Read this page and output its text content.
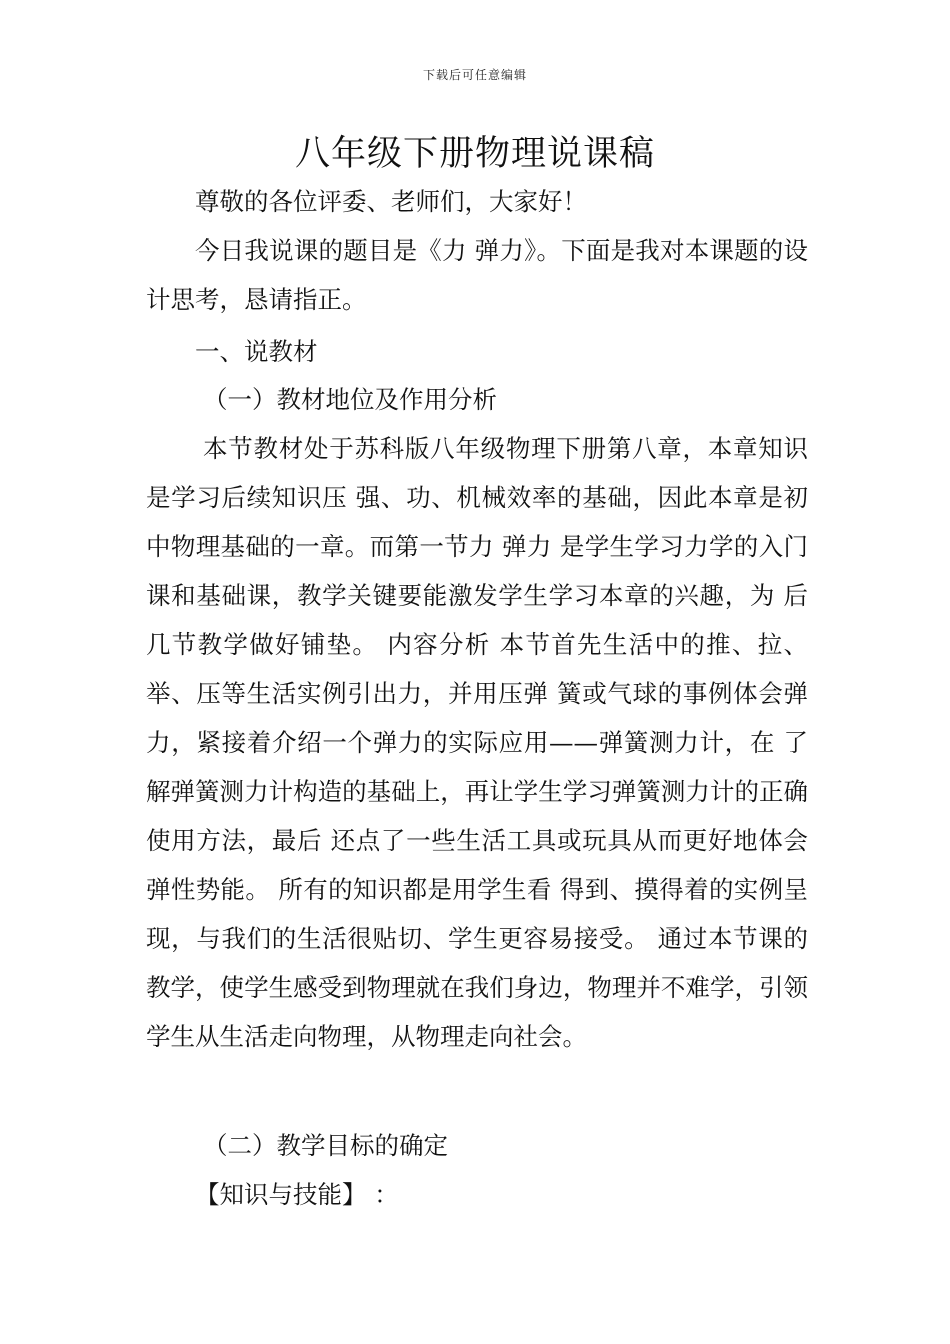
下载后可任意编辑
八年级下册物理说课稿

尊敬的各位评委、老师们，大家好！

今日我说课的题目是《力 弹力》。下面是我对本课题的设计思考，恳请指正。

一、说教材

（一）教材地位及作用分析

本节教材处于苏科版八年级物理下册第八章，本章知识是学习后续知识压 强、功、机械效率的基础，因此本章是初中物理基础的一章。而第一节力 弹力 是学生学习力学的入门课和基础课，教学关键要能激发学生学习本章的兴趣，为 后几节教学做好铺垫。 内容分析 本节首先生活中的推、拉、举、压等生活实例引出力，并用压弹 簧或气球的事例体会弹力，紧接着介绍一个弹力的实际应用——弹簧测力计，在 了解弹簧测力计构造的基础上，再让学生学习弹簧测力计的正确使用方法，最后 还点了一些生活工具或玩具从而更好地体会弹性势能。 所有的知识都是用学生看 得到、摸得着的实例呈现，与我们的生活很贴切、学生更容易接受。 通过本节课的教学，使学生感受到物理就在我们身边，物理并不难学，引领 学生从生活走向物理，从物理走向社会。

（二）教学目标的确定

【知识与技能】 ：
